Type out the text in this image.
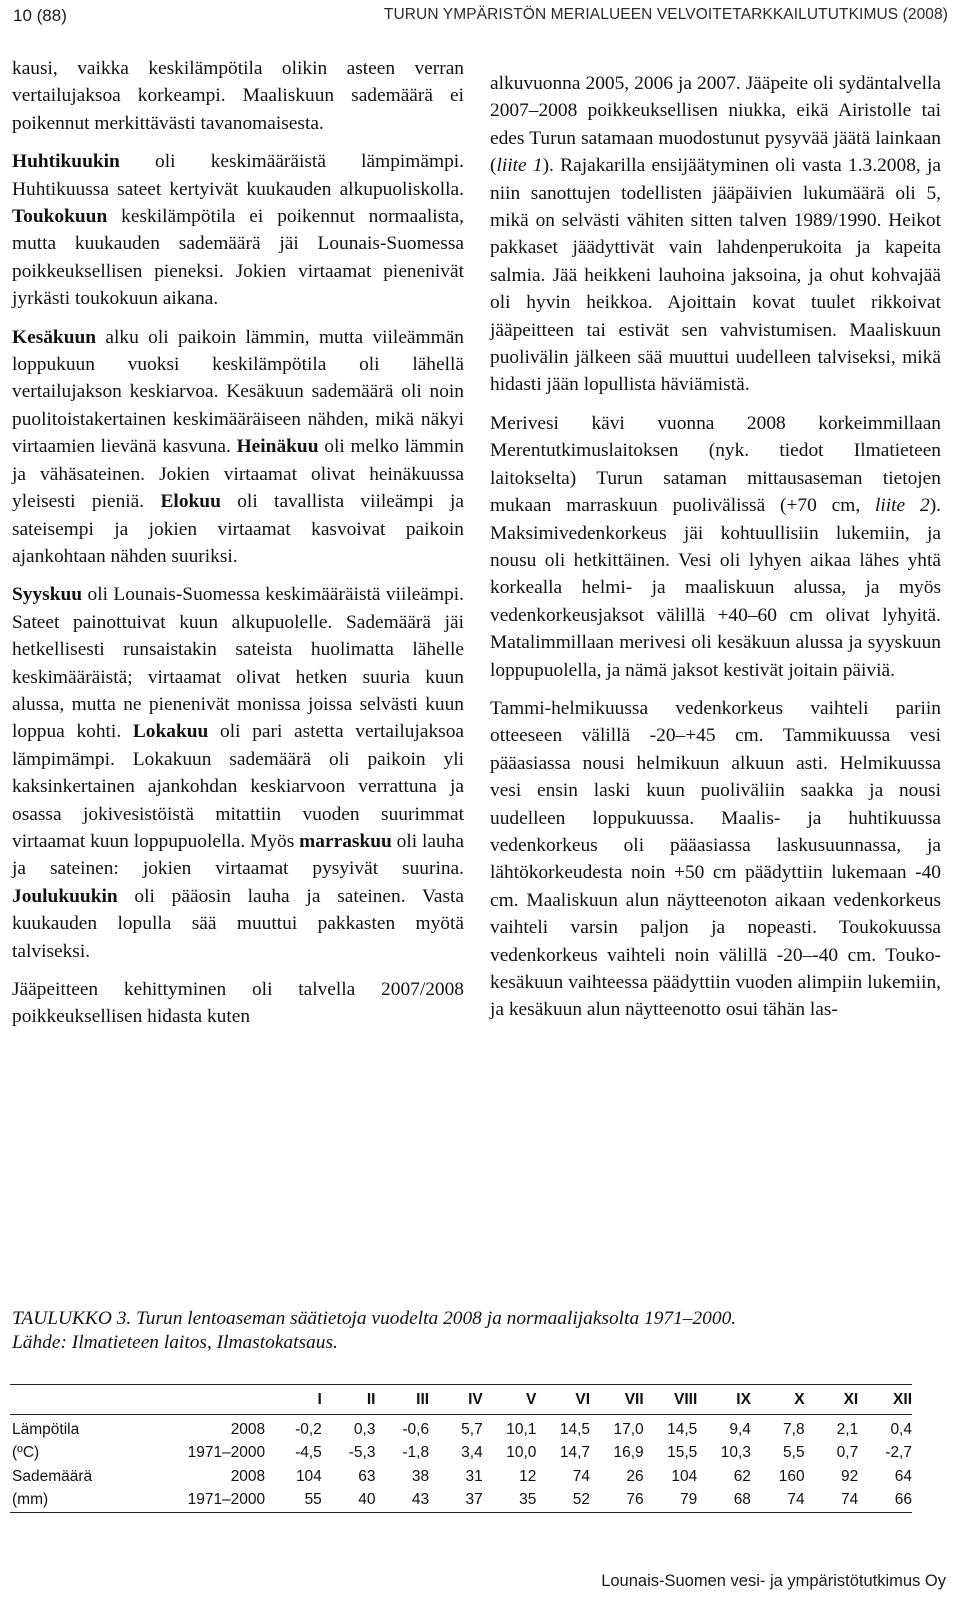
10 (88)	TURUN YMPÄRISTÖN MERIALUEEN VELVOITETARKKAILUTUTKIMUS (2008)

kausi, vaikka keskilämpötila olikin asteen verran vertailujaksoa korkeampi. Maaliskuun sademäärä ei poikennut merkittävästi tavanomaisesta.

Huhtikuukin oli keskimääräistä lämpimämpi. Huhtikuussa sateet kertyivät kuukauden alkupuoliskolla. Toukokuun keskilämpötila ei poikennut normaalista, mutta kuukauden sademäärä jäi Lounais-Suomessa poikkeuksellisen pieneksi. Jokien virtaamat pienenivät jyrkästi toukokuun aikana.

Kesäkuun alku oli paikoin lämmin, mutta viileämmän loppukuun vuoksi keskilämpötila oli lähellä vertailujakson keskiarvoa. Kesäkuun sademäärä oli noin puolitoistakertainen keskimääräiseen nähden, mikä näkyi virtaamien lievänä kasvuna. Heinäkuu oli melko lämmin ja vähäsateinen. Jokien virtaamat olivat heinäkuussa yleisesti pieniä. Elokuu oli tavallista viileämpi ja sateisempi ja jokien virtaamat kasvoivat paikoin ajankohtaan nähden suuriksi.

Syyskuu oli Lounais-Suomessa keskimääräistä viileämpi. Sateet painottuivat kuun alkupuolelle. Sademäärä jäi hetkellisesti runsaistakin sateista huolimatta lähelle keskimääräistä; virtaamat olivat hetken suuria kuun alussa, mutta ne pienenivät monissa joissa selvästi kuun loppua kohti. Lokakuu oli pari astetta vertailujaksoa lämpimämpi. Lokakuun sademäärä oli paikoin yli kaksinkertainen ajankohdan keskiarvoon verrattuna ja osassa jokivesistöistä mitattiin vuoden suurimmat virtaamat kuun loppupuolella. Myös marraskuu oli lauha ja sateinen: jokien virtaamat pysyivät suurina. Joulukuukin oli pääosin lauha ja sateinen. Vasta kuukauden lopulla sää muuttui pakkasten myötä talviseksi.

Jääpeitteen kehittyminen oli talvella 2007/2008 poikkeuksellisen hidasta kuten

alkuvuonna 2005, 2006 ja 2007. Jääpeite oli sydäntalvella 2007–2008 poikkeuksellisen niukka, eikä Airistolle tai edes Turun satamaan muodostunut pysyvää jäätä lainkaan (liite 1). Rajakarilla ensijäätyminen oli vasta 1.3.2008, ja niin sanottujen todellisten jääpäivien lukumäärä oli 5, mikä on selvästi vähiten sitten talven 1989/1990. Heikot pakkaset jäädyttivät vain lahdenperukoita ja kapeita salmia. Jää heikkeni lauhoina jaksoina, ja ohut kohvajää oli hyvin heikkoa. Ajoittain kovat tuulet rikkoivat jääpeitteen tai estivät sen vahvistumisen. Maaliskuun puolivälin jälkeen sää muuttui uudelleen talviseksi, mikä hidasti jään lopullista häviämistä.

Merivesi kävi vuonna 2008 korkeimmillaan Merentutkimuslaitoksen (nyk. tiedot Ilmatieteen laitokselta) Turun sataman mittausaseman tietojen mukaan marraskuun puolivälissä (+70 cm, liite 2). Maksimivedenkorkeus jäi kohtuullisiin lukemiin, ja nousu oli hetkittäinen. Vesi oli lyhyen aikaa lähes yhtä korkealla helmi- ja maaliskuun alussa, ja myös vedenkorkeusjaksot välillä +40–60 cm olivat lyhyitä. Matalimmillaan merivesi oli kesäkuun alussa ja syyskuun loppupuolella, ja nämä jaksot kestivät joitain päiviä.

Tammi-helmikuussa vedenkorkeus vaihteli pariin otteeseen välillä -20–+45 cm. Tammikuussa vesi pääasiassa nousi helmikuun alkuun asti. Helmikuussa vesi ensin laski kuun puoliväliin saakka ja nousi uudelleen loppukuussa. Maalis- ja huhtikuussa vedenkorkeus oli pääasiassa laskusuunnassa, ja lähtökorkeudesta noin +50 cm päädyttiin lukemaan -40 cm. Maaliskuun alun näytteenoton aikaan vedenkorkeus vaihteli varsin paljon ja nopeasti. Toukokuussa vedenkorkeus vaihteli noin välillä -20–-40 cm. Touko-kesäkuun vaihteessa päädyttiin vuoden alimpiin lukemiin, ja kesäkuun alun näytteenotto osui tähän las-

TAULUKKO 3. Turun lentoaseman säätietoja vuodelta 2008 ja normaalijaksolta 1971–2000.

Lähde: Ilmatieteen laitos, Ilmastokatsaus.

		I	II	III	IV	V	VI	VII	VIII	IX	X	XI	XII
Lämpötila	2008	-0,2	0,3	-0,6	5,7	10,1	14,5	17,0	14,5	9,4	7,8	2,1	0,4
(ºC)	1971–2000	-4,5	-5,3	-1,8	3,4	10,0	14,7	16,9	15,5	10,3	5,5	0,7	-2,7
Sademäärä	2008	104	63	38	31	12	74	26	104	62	160	92	64
(mm)	1971–2000	55	40	43	37	35	52	76	79	68	74	74	66
Lounais-Suomen vesi- ja ympäristötutkimus Oy
